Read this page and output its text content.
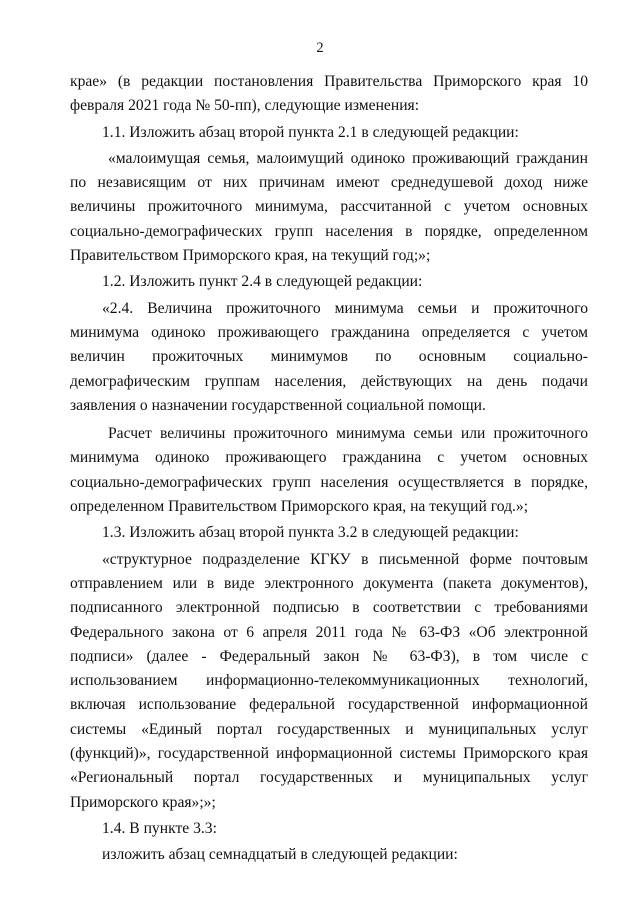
2

крае» (в редакции постановления Правительства Приморского края 10 февраля 2021 года № 50-пп), следующие изменения:

1.1. Изложить абзац второй пункта 2.1 в следующей редакции:

«малоимущая семья, малоимущий одиноко проживающий гражданин по независящим от них причинам имеют среднедушевой доход ниже величины прожиточного минимума, рассчитанной с учетом основных социально-демографических групп населения в порядке, определенном Правительством Приморского края, на текущий год;»;

1.2. Изложить пункт 2.4 в следующей редакции:

«2.4. Величина прожиточного минимума семьи и прожиточного минимума одиноко проживающего гражданина определяется с учетом величин прожиточных минимумов по основным социально-демографическим группам населения, действующих на день подачи заявления о назначении государственной социальной помощи.

Расчет величины прожиточного минимума семьи или прожиточного минимума одиноко проживающего гражданина с учетом основных социально-демографических групп населения осуществляется в порядке, определенном Правительством Приморского края, на текущий год.»;

1.3. Изложить абзац второй пункта 3.2 в следующей редакции:

«структурное подразделение КГКУ в письменной форме почтовым отправлением или в виде электронного документа (пакета документов), подписанного электронной подписью в соответствии с требованиями Федерального закона от 6 апреля 2011 года № 63-ФЗ «Об электронной подписи» (далее - Федеральный закон № 63-ФЗ), в том числе с использованием информационно-телекоммуникационных технологий, включая использование федеральной государственной информационной системы «Единый портал государственных и муниципальных услуг (функций)», государственной информационной системы Приморского края «Региональный портал государственных и муниципальных услуг Приморского края»;»;

1.4. В пункте 3.3:

изложить абзац семнадцатый в следующей редакции:
